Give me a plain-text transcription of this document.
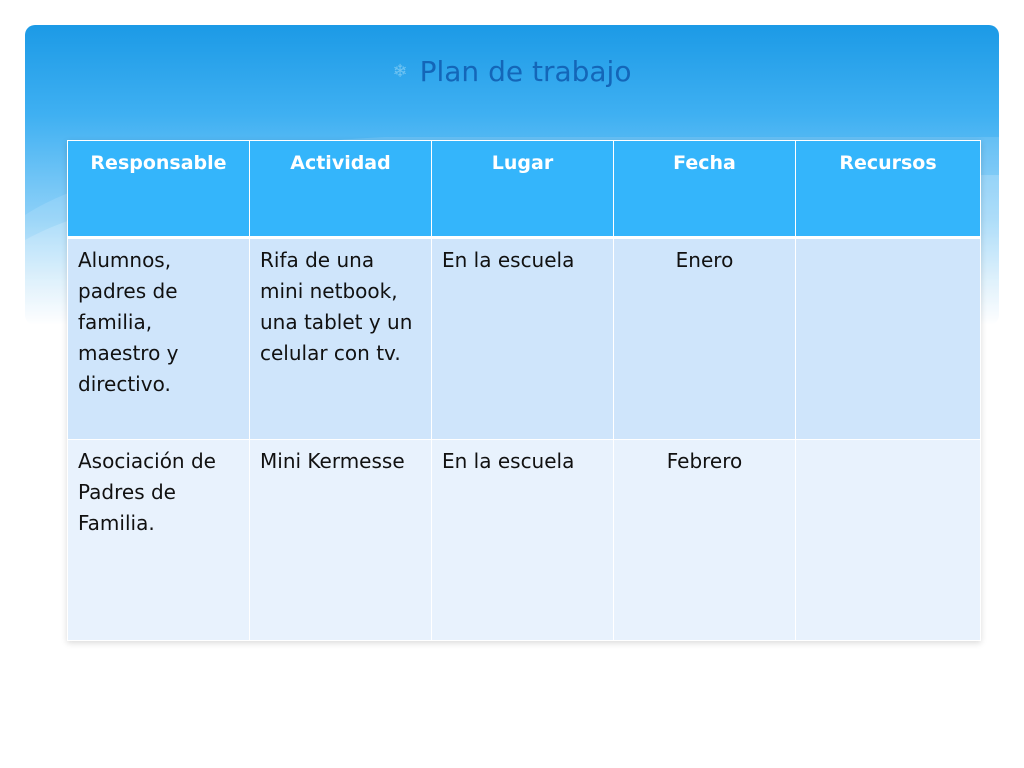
❄ Plan de trabajo
Responsable	Actividad	Lugar	Fecha	Recursos
Alumnos, padres de familia, maestro y directivo.	Rifa de una mini netbook, una tablet y un celular con tv.	En la escuela	Enero	
Asociación de Padres de Familia.	Mini Kermesse	En la escuela	Febrero	
